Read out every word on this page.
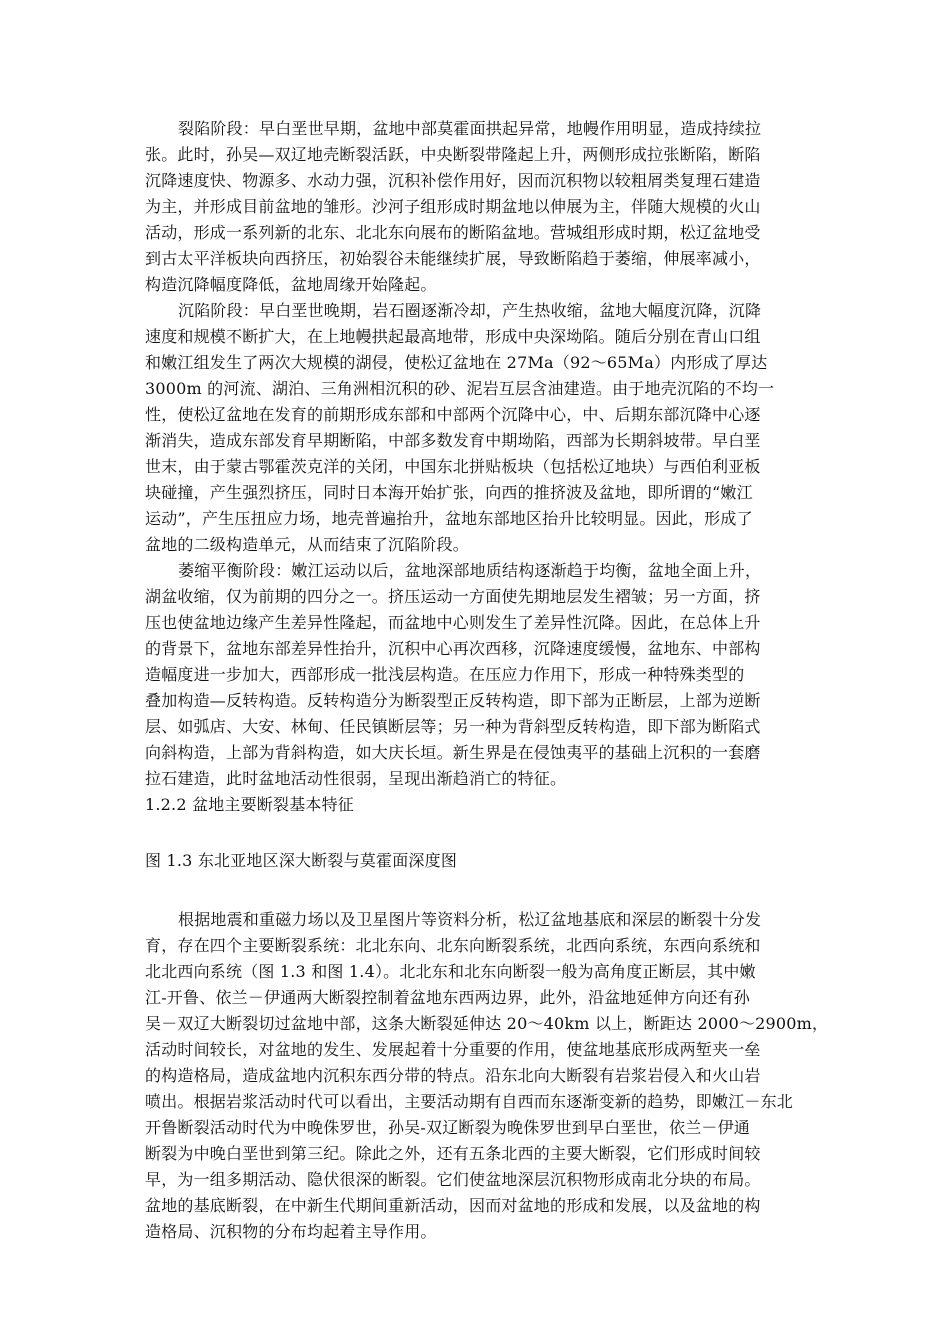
裂陷阶段：早白垩世早期，盆地中部莫霍面拱起异常，地幔作用明显，造成持续拉
张。此时，孙吴—双辽地壳断裂活跃，中央断裂带隆起上升，两侧形成拉张断陷，断陷
沉降速度快、物源多、水动力强，沉积补偿作用好，因而沉积物以较粗屑类复理石建造
为主，并形成目前盆地的雏形。沙河子组形成时期盆地以伸展为主，伴随大规模的火山
活动，形成一系列新的北东、北北东向展布的断陷盆地。营城组形成时期，松辽盆地受
到古太平洋板块向西挤压，初始裂谷未能继续扩展，导致断陷趋于萎缩，伸展率减小，
构造沉降幅度降低，盆地周缘开始隆起。
沉陷阶段：早白垩世晚期，岩石圈逐渐冷却，产生热收缩，盆地大幅度沉降，沉降
速度和规模不断扩大，在上地幔拱起最高地带，形成中央深坳陷。随后分别在青山口组
和嫩江组发生了两次大规模的湖侵，使松辽盆地在 27Ma（92～65Ma）内形成了厚达
3000m 的河流、湖泊、三角洲相沉积的砂、泥岩互层含油建造。由于地壳沉陷的不均一
性，使松辽盆地在发育的前期形成东部和中部两个沉降中心，中、后期东部沉降中心逐
渐消失，造成东部发育早期断陷，中部多数发育中期坳陷，西部为长期斜坡带。早白垩
世末，由于蒙古鄂霍茨克洋的关闭，中国东北拼贴板块（包括松辽地块）与西伯利亚板
块碰撞，产生强烈挤压，同时日本海开始扩张，向西的推挤波及盆地，即所谓的“嫩江
运动”，产生压扭应力场，地壳普遍抬升，盆地东部地区抬升比较明显。因此，形成了
盆地的二级构造单元，从而结束了沉陷阶段。
萎缩平衡阶段：嫩江运动以后，盆地深部地质结构逐渐趋于均衡，盆地全面上升，
湖盆收缩，仅为前期的四分之一。挤压运动一方面使先期地层发生褶皱；另一方面，挤
压也使盆地边缘产生差异性隆起，而盆地中心则发生了差异性沉降。因此，在总体上升
的背景下，盆地东部差异性抬升，沉积中心再次西移，沉降速度缓慢，盆地东、中部构
造幅度进一步加大，西部形成一批浅层构造。在压应力作用下，形成一种特殊类型的
叠加构造—反转构造。反转构造分为断裂型正反转构造，即下部为正断层，上部为逆断
层、如弧店、大安、林甸、任民镇断层等；另一种为背斜型反转构造，即下部为断陷式
向斜构造，上部为背斜构造，如大庆长垣。新生界是在侵蚀夷平的基础上沉积的一套磨
拉石建造，此时盆地活动性很弱，呈现出渐趋消亡的特征。
1.2.2 盆地主要断裂基本特征
图 1.3 东北亚地区深大断裂与莫霍面深度图
根据地震和重磁力场以及卫星图片等资料分析，松辽盆地基底和深层的断裂十分发
育，存在四个主要断裂系统：北北东向、北东向断裂系统，北西向系统，东西向系统和
北北西向系统（图 1.3 和图 1.4）。北北东和北东向断裂一般为高角度正断层，其中嫩
江-开鲁、依兰－伊通两大断裂控制着盆地东西两边界，此外，沿盆地延伸方向还有孙
吴－双辽大断裂切过盆地中部，这条大断裂延伸达 20～40km 以上，断距达 2000～2900m，
活动时间较长，对盆地的发生、发展起着十分重要的作用，使盆地基底形成两堑夹一垒
的构造格局，造成盆地内沉积东西分带的特点。沿东北向大断裂有岩浆岩侵入和火山岩
喷出。根据岩浆活动时代可以看出，主要活动期有自西而东逐渐变新的趋势，即嫩江－东北
开鲁断裂活动时代为中晚侏罗世，孙吴-双辽断裂为晚侏罗世到早白垩世，依兰－伊通
断裂为中晚白垩世到第三纪。除此之外，还有五条北西的主要大断裂，它们形成时间较
早，为一组多期活动、隐伏很深的断裂。它们使盆地深层沉积物形成南北分块的布局。
盆地的基底断裂，在中新生代期间重新活动，因而对盆地的形成和发展，以及盆地的构
造格局、沉积物的分布均起着主导作用。
